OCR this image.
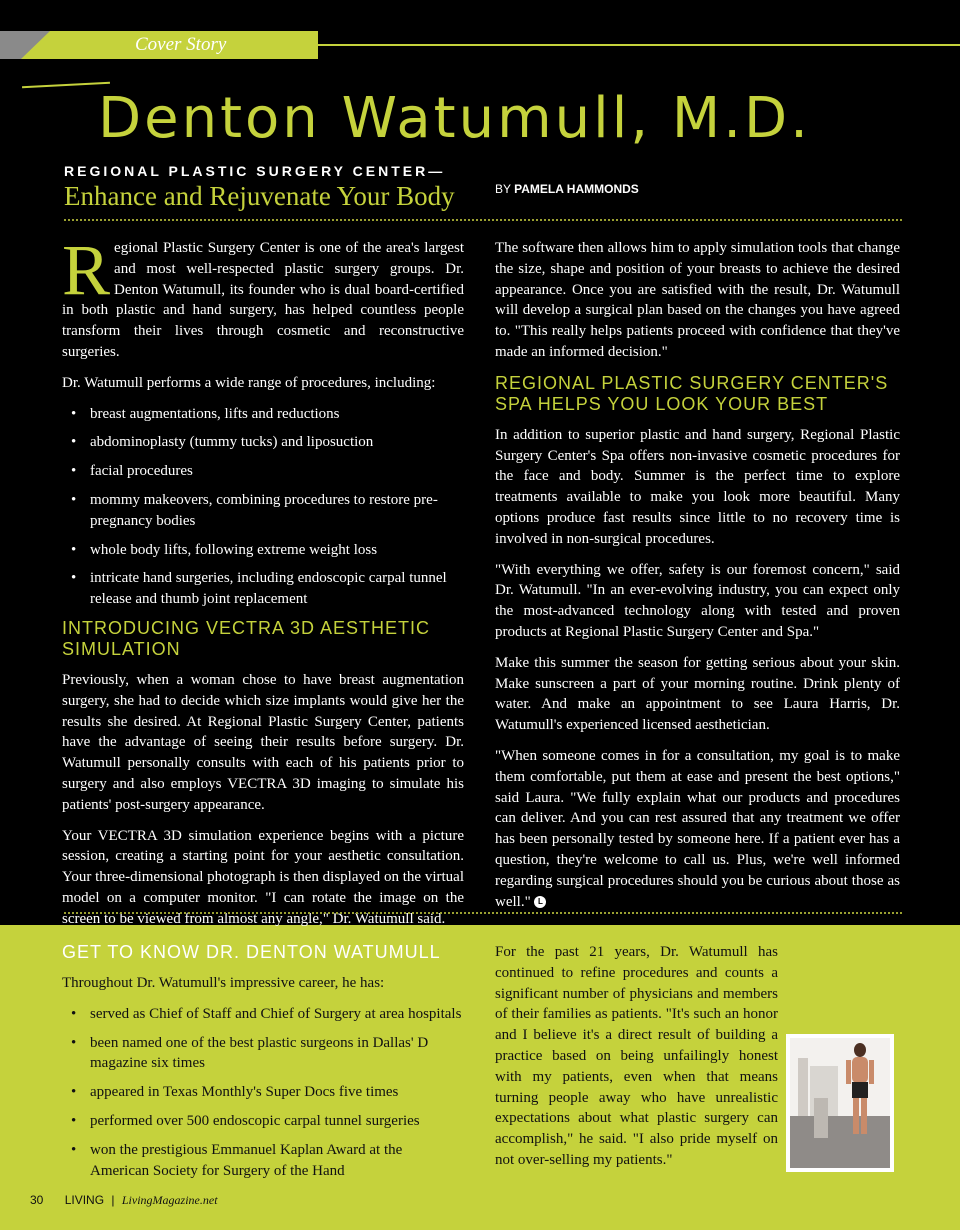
Cover Story
Denton Watumull, M.D.
REGIONAL PLASTIC SURGERY CENTER—
Enhance and Rejuvenate Your Body	BY PAMELA HAMMONDS

Regional Plastic Surgery Center is one of the area's largest and most well-respected plastic surgery groups. Dr. Denton Watumull, its founder who is dual board-certified in both plastic and hand surgery, has helped countless people transform their lives through cosmetic and reconstructive surgeries.

Dr. Watumull performs a wide range of procedures, including:

• breast augmentations, lifts and reductions
• abdominoplasty (tummy tucks) and liposuction
• facial procedures
• mommy makeovers, combining procedures to restore pre-pregnancy bodies
• whole body lifts, following extreme weight loss
• intricate hand surgeries, including endoscopic carpal tunnel release and thumb joint replacement
INTRODUCING VECTRA 3D AESTHETIC SIMULATION

Previously, when a woman chose to have breast augmentation surgery, she had to decide which size implants would give her the results she desired. At Regional Plastic Surgery Center, patients have the advantage of seeing their results before surgery. Dr. Watumull personally consults with each of his patients prior to surgery and also employs VECTRA 3D imaging to simulate his patients' post-surgery appearance.

Your VECTRA 3D simulation experience begins with a picture session, creating a starting point for your aesthetic consultation. Your three-dimensional photograph is then displayed on the virtual model on a computer monitor. "I can rotate the image on the screen to be viewed from almost any angle," Dr. Watumull said.

The software then allows him to apply simulation tools that change the size, shape and position of your breasts to achieve the desired appearance. Once you are satisfied with the result, Dr. Watumull will develop a surgical plan based on the changes you have agreed to. "This really helps patients proceed with confidence that they've made an informed decision."

REGIONAL PLASTIC SURGERY CENTER'S SPA HELPS YOU LOOK YOUR BEST

In addition to superior plastic and hand surgery, Regional Plastic Surgery Center's Spa offers non-invasive cosmetic procedures for the face and body. Summer is the perfect time to explore treatments available to make you look more beautiful. Many options produce fast results since little to no recovery time is involved in non-surgical procedures.

"With everything we offer, safety is our foremost concern," said Dr. Watumull. "In an ever-evolving industry, you can expect only the most-advanced technology along with tested and proven products at Regional Plastic Surgery Center and Spa."

Make this summer the season for getting serious about your skin. Make sunscreen a part of your morning routine. Drink plenty of water. And make an appointment to see Laura Harris, Dr. Watumull's experienced licensed aesthetician.

"When someone comes in for a consultation, my goal is to make them comfortable, put them at ease and present the best options," said Laura. "We fully explain what our products and procedures can deliver. And you can rest assured that any treatment we offer has been personally tested by someone here. If a patient ever has a question, they're welcome to call us. Plus, we're well informed regarding surgical procedures should you be curious about those as well." L

GET TO KNOW DR. DENTON WATUMULL

Throughout Dr. Watumull's impressive career, he has:

• served as Chief of Staff and Chief of Surgery at area hospitals
• been named one of the best plastic surgeons in Dallas' D magazine six times
• appeared in Texas Monthly's Super Docs five times
• performed over 500 endoscopic carpal tunnel surgeries
• won the prestigious Emmanuel Kaplan Award at the American Society for Surgery of the Hand

For the past 21 years, Dr. Watumull has continued to refine procedures and counts a significant number of physicians and members of their families as patients. "It's such an honor and I believe it's a direct result of building a practice based on being unfailingly honest with my patients, even when that means turning people away who have unrealistic expectations about what plastic surgery can accomplish," he said. "I also pride myself on not over-selling my patients."

30 LIVING | LivingMagazine.net
